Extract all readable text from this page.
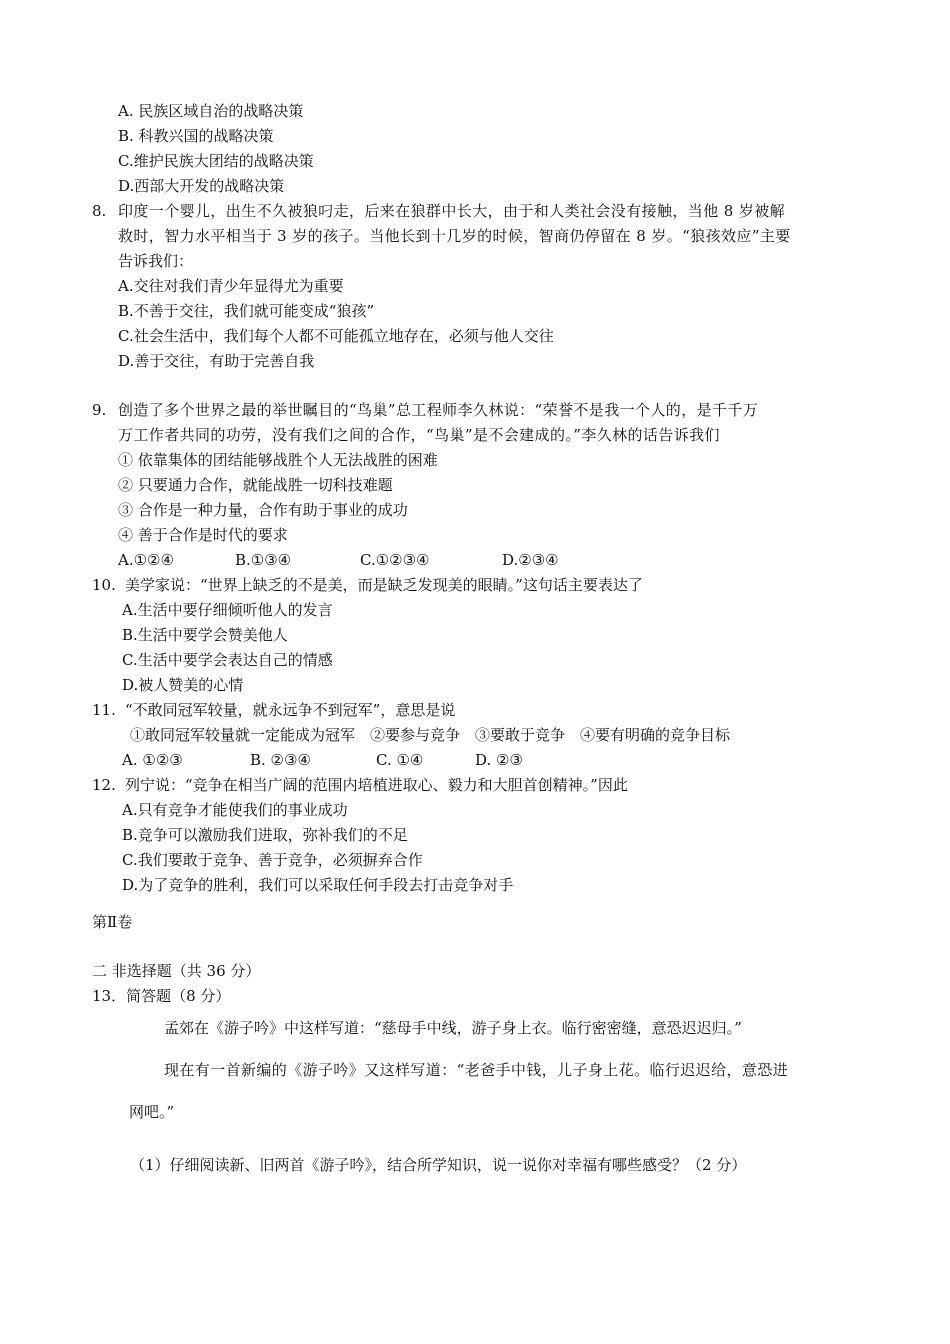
A. 民族区域自治的战略决策
B. 科教兴国的战略决策
C.维护民族大团结的战略决策
D.西部大开发的战略决策
8. 印度一个婴儿，出生不久被狼叼走，后来在狼群中长大，由于和人类社会没有接触，当他 8 岁被解
救时，智力水平相当于 3 岁的孩子。当他长到十几岁的时候，智商仍停留在 8 岁。“狼孩效应”主要
告诉我们：
A.交往对我们青少年显得尤为重要
B.不善于交往，我们就可能变成“狼孩”
C.社会生活中，我们每个人都不可能孤立地存在，必须与他人交往
D.善于交往，有助于完善自我
9. 创造了多个世界之最的举世瞩目的“鸟巢”总工程师李久林说：“荣誉不是我一个人的，是千千万
万工作者共同的功劳，没有我们之间的合作，“鸟巢”是不会建成的。”李久林的话告诉我们
① 依靠集体的团结能够战胜个人无法战胜的困难
② 只要通力合作，就能战胜一切科技难题
③ 合作是一种力量，合作有助于事业的成功
④ 善于合作是时代的要求
A.①②④	B.①③④	C.①②③④	D.②③④
10. 美学家说：“世界上缺乏的不是美，而是缺乏发现美的眼睛。”这句话主要表达了
A.生活中要仔细倾听他人的发言
B.生活中要学会赞美他人
C.生活中要学会表达自己的情感
D.被人赞美的心情
11. “不敢同冠军较量，就永远争不到冠军”，意思是说
①敢同冠军较量就一定能成为冠军　②要参与竞争　③要敢于竞争　④要有明确的竞争目标
A. ①②③	B. ②③④	C. ①④	D. ②③
12. 列宁说：“竞争在相当广阔的范围内培植进取心、毅力和大胆首创精神。”因此
A.只有竞争才能使我们的事业成功
B.竞争可以激励我们进取，弥补我们的不足
C.我们要敢于竞争、善于竞争，必须摒弃合作
D.为了竞争的胜利，我们可以采取任何手段去打击竞争对手
第Ⅱ卷
二 非选择题（共 36 分）
13．简答题（8 分）
孟郊在《游子吟》中这样写道：“慈母手中线，游子身上衣。临行密密缝，意恐迟迟归。”
现在有一首新编的《游子吟》又这样写道：“老爸手中钱，儿子身上花。临行迟迟给，意恐进
网吧。”
（1）仔细阅读新、旧两首《游子吟》，结合所学知识，说一说你对幸福有哪些感受？（2 分）
